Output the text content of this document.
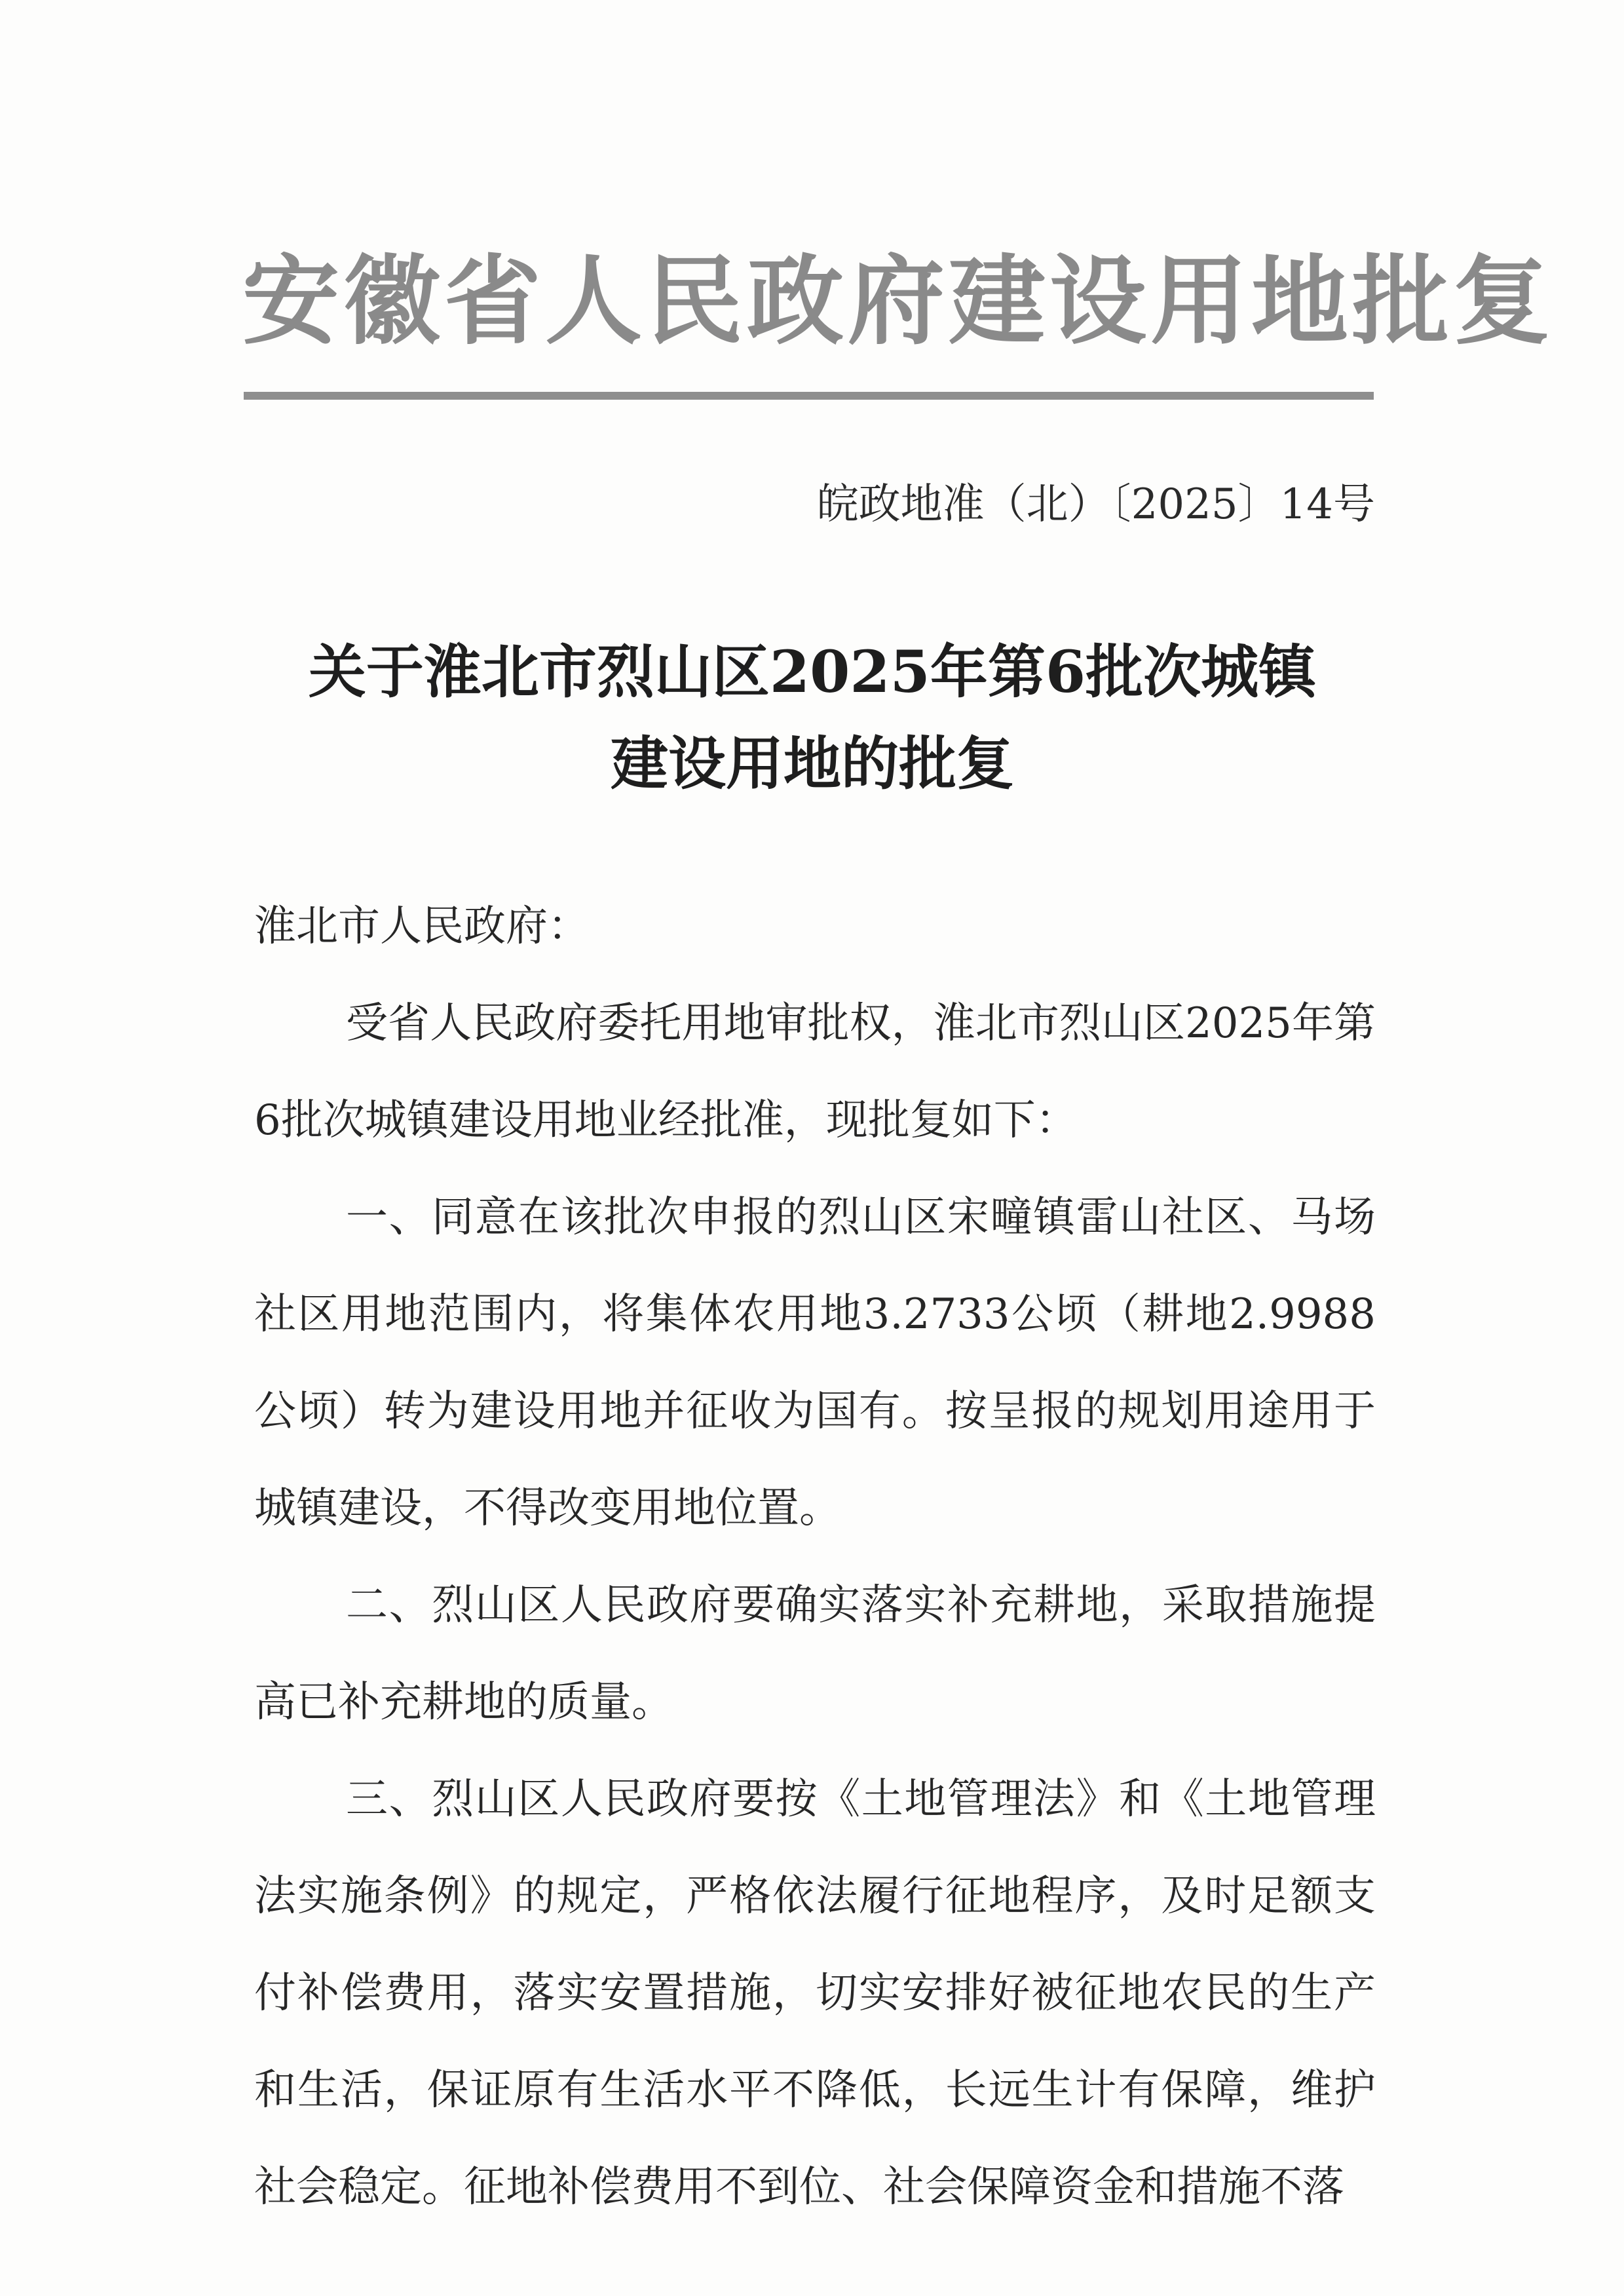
安徽省人民政府建设用地批复
皖政地准（北）〔2025〕14号
关于淮北市烈山区2025年第6批次城镇
建设用地的批复
淮北市人民政府：

受省人民政府委托用地审批权，淮北市烈山区2025年第6批次城镇建设用地业经批准，现批复如下：

一、同意在该批次申报的烈山区宋疃镇雷山社区、马场社区用地范围内，将集体农用地3.2733公顷（耕地2.9988公顷）转为建设用地并征收为国有。按呈报的规划用途用于城镇建设，不得改变用地位置。

二、烈山区人民政府要确实落实补充耕地，采取措施提高已补充耕地的质量。

三、烈山区人民政府要按《土地管理法》和《土地管理法实施条例》的规定，严格依法履行征地程序，及时足额支付补偿费用，落实安置措施，切实安排好被征地农民的生产和生活，保证原有生活水平不降低，长远生计有保障，维护社会稳定。征地补偿费用不到位、社会保障资金和措施不落
